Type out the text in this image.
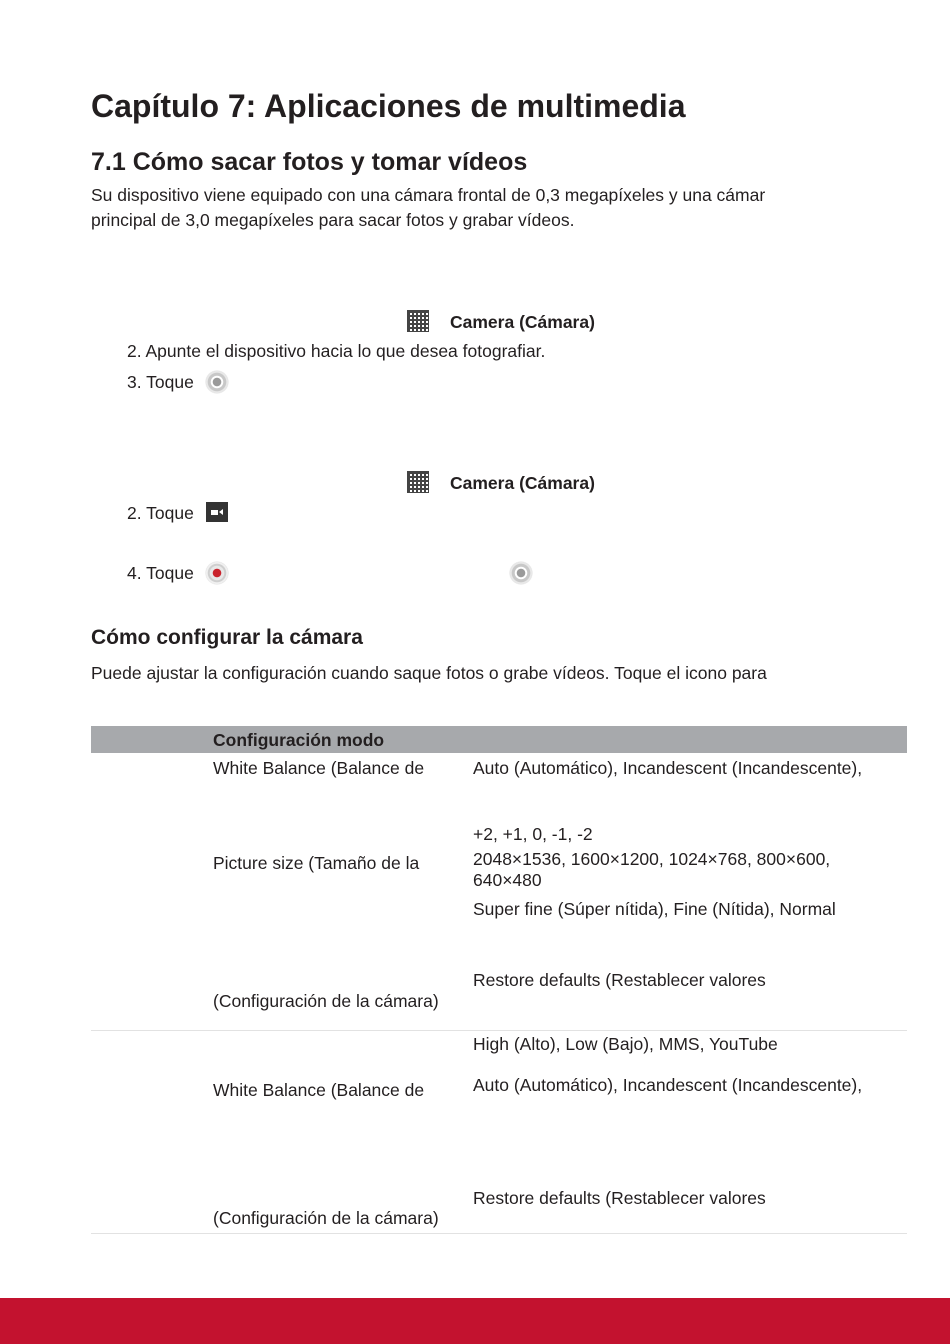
Capítulo 7: Aplicaciones de multimedia
7.1 Cómo sacar fotos y tomar vídeos
Su dispositivo viene equipado con una cámara frontal de 0,3 megapíxeles y una cámar
principal de 3,0 megapíxeles para sacar fotos y grabar vídeos.
Camera (Cámara)
2. Apunte el dispositivo hacia lo que desea fotografiar.
3. Toque
Camera (Cámara)
2. Toque
4. Toque
Cómo configurar la cámara
Puede ajustar la configuración cuando saque fotos o grabe vídeos. Toque el icono para
Configuración modo
White Balance (Balance de	Auto (Automático), Incandescent (Incandescente),
+2, +1, 0, -1, -2
Picture size (Tamaño de la	2048×1536, 1600×1200, 1024×768, 800×600, 640×480
Super fine (Súper nítida), Fine (Nítida), Normal
Restore defaults (Restablecer valores
(Configuración de la cámara)
High (Alto), Low (Bajo), MMS, YouTube
Auto (Automático), Incandescent (Incandescente),
White Balance (Balance de
Restore defaults (Restablecer valores
(Configuración de la cámara)
